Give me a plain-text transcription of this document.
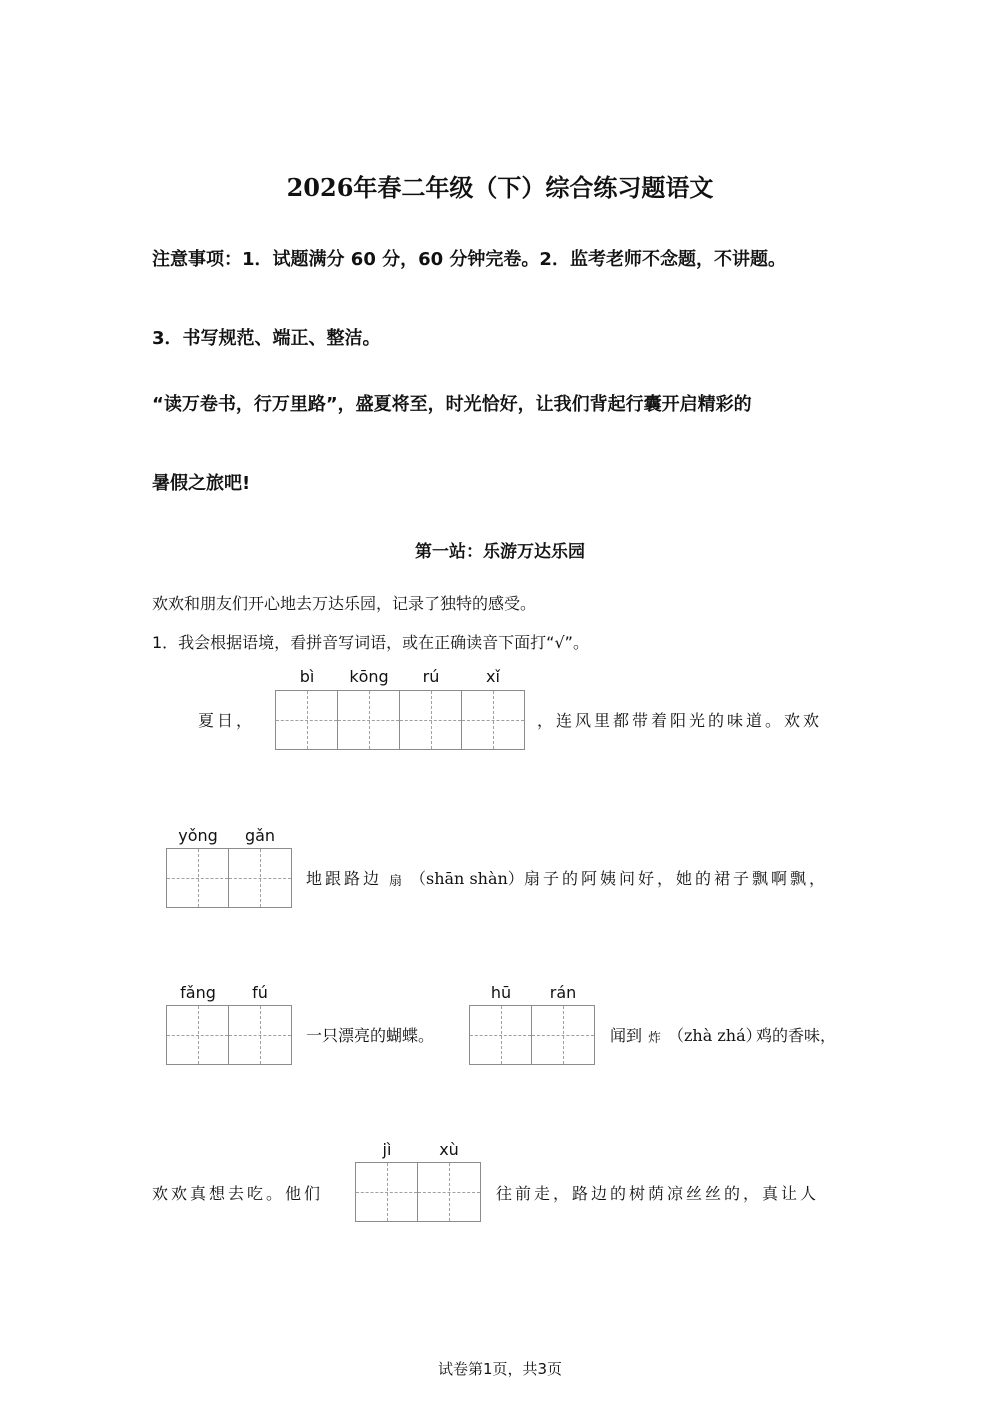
2026年春二年级（下）综合练习题语文
注意事项：1．试题满分 60 分，60 分钟完卷。2．监考老师不念题，不讲题。
3．书写规范、端正、整洁。
“读万卷书，行万里路”，盛夏将至，时光恰好，让我们背起行囊开启精彩的
暑假之旅吧!
第一站：乐游万达乐园
欢欢和朋友们开心地去万达乐园，记录了独特的感受。
1．我会根据语境，看拼音写词语，或在正确读音下面打“√”。
夏日，
bì	kōng	rú	xǐ
，连风里都带着阳光的味道。欢欢
yǒng	gǎn
地跟路边 扇 （shān shàn） 扇子的阿姨问好，她的裙子飘啊飘，
fǎng	fú
一只漂亮的蝴蝶。
hū	rán
闻到 炸 （zhà zhá）
鸡的香味，
欢欢真想去吃。他们
jì	xù
往前走，路边的树荫凉丝丝的，真让人
试卷第1页，共3页
